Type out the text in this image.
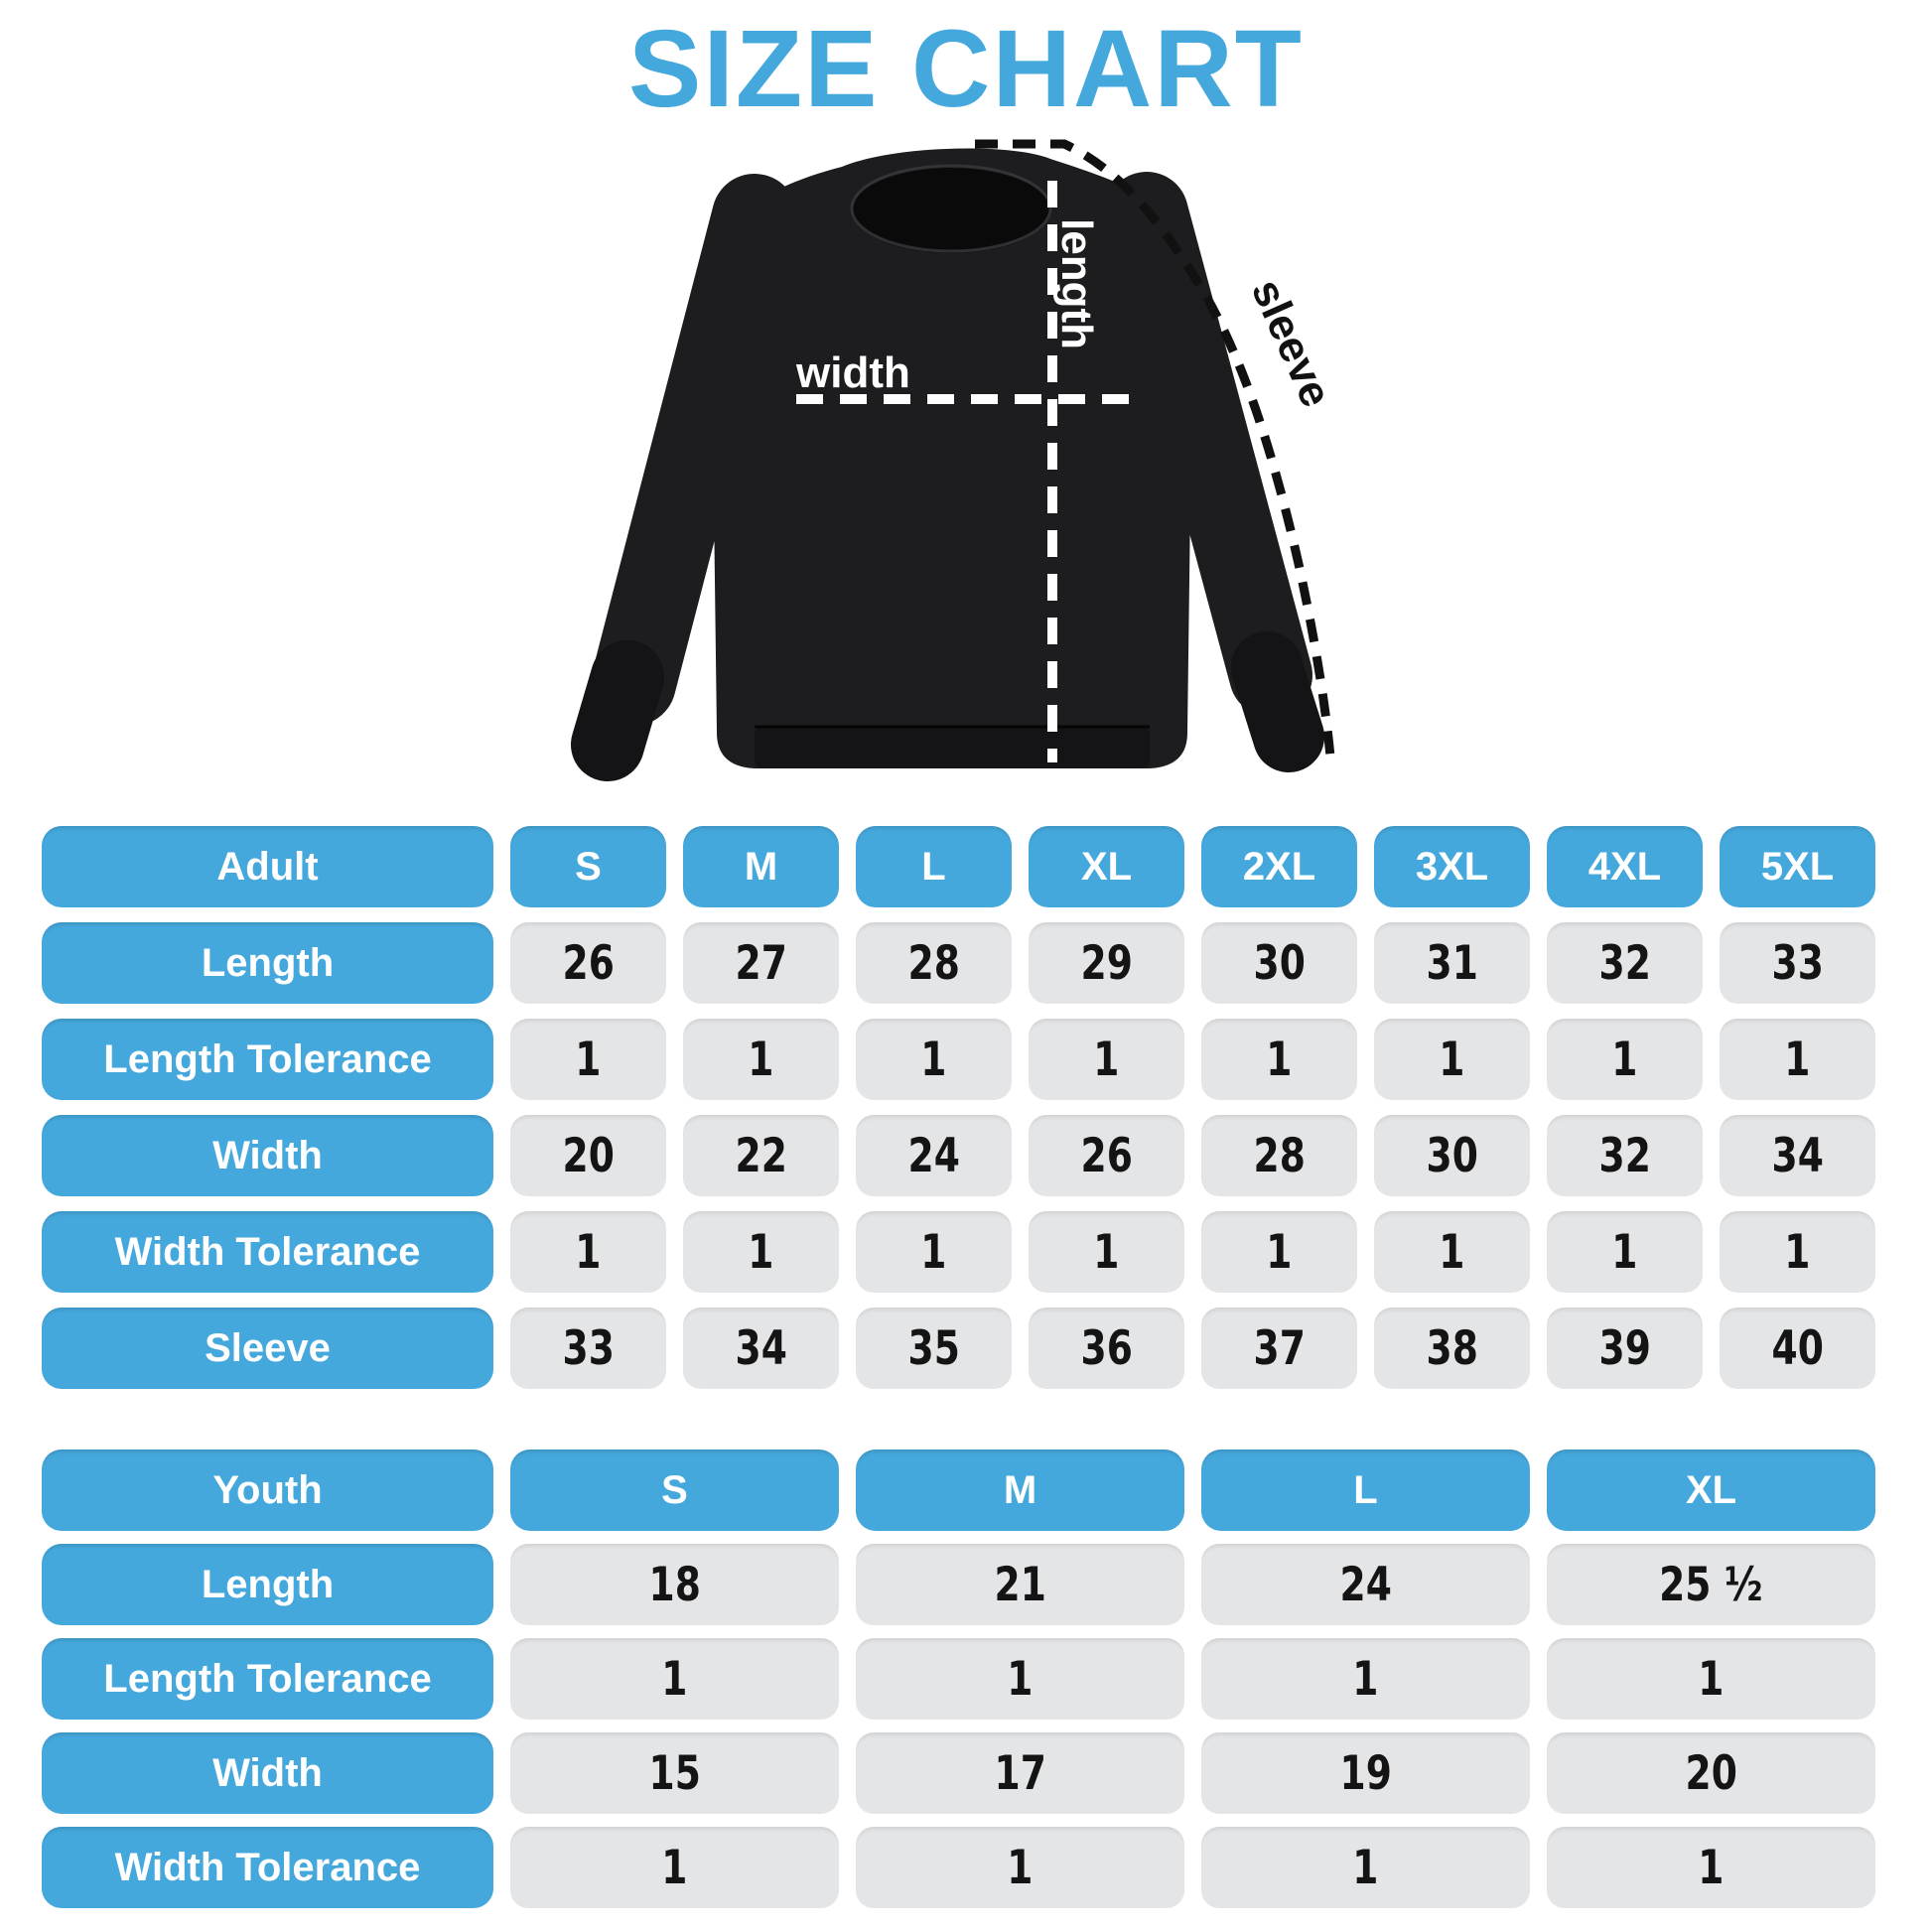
SIZE CHART
width
length	sleeve
Adult	S	M	L	XL	2XL	3XL	4XL	5XL
Length	26	27	28	29	30	31	32	33
Length Tolerance	1	1	1	1	1	1	1	1
Width	20	22	24	26	28	30	32	34
Width Tolerance	1	1	1	1	1	1	1	1
Sleeve	33	34	35	36	37	38	39	40
Youth	S	M	L	XL
Length	18	21	24	25 ¹⁄₂
Length Tolerance	1	1	1	1
Width	15	17	19	20
Width Tolerance	1	1	1	1
